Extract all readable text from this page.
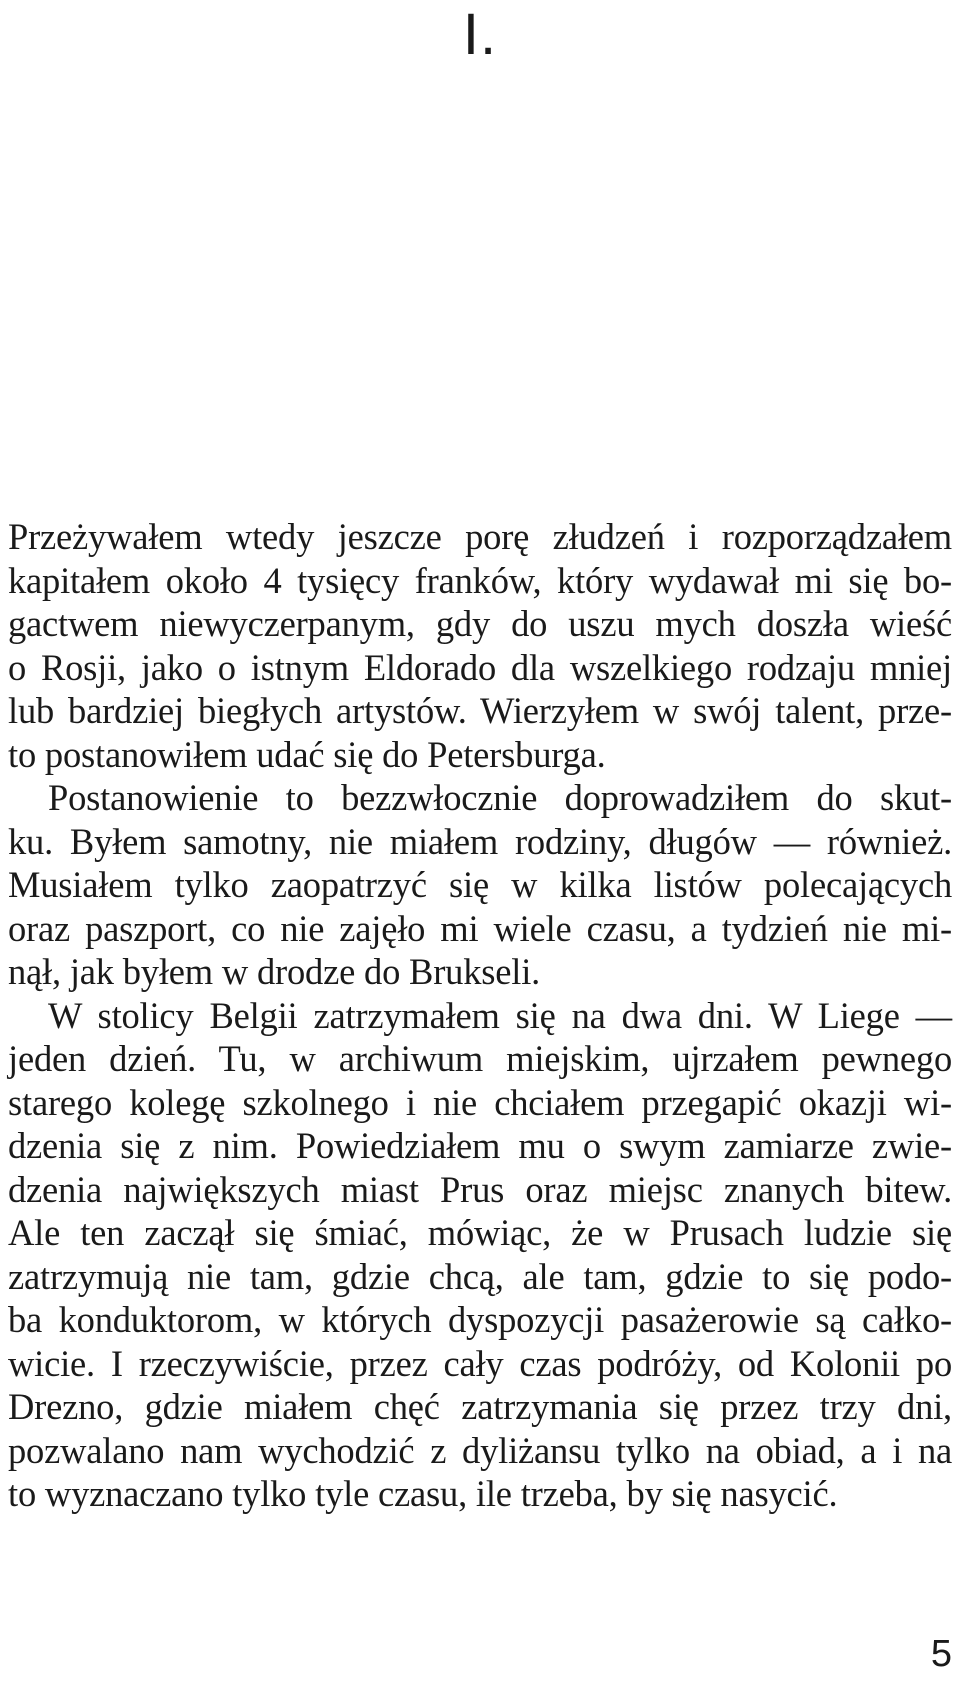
I.
Przeżywałem wtedy jeszcze porę złudzeń i rozporządzałem
kapitałem około 4 tysięcy franków, który wydawał mi się bo-
gactwem niewyczerpanym, gdy do uszu mych doszła wieść
o Rosji, jako o istnym Eldorado dla wszelkiego rodzaju mniej
lub bardziej biegłych artystów. Wierzyłem w swój talent, prze-
to postanowiłem udać się do Petersburga.
Postanowienie to bezzwłocznie doprowadziłem do skut-
ku. Byłem samotny, nie miałem rodziny, długów — również.
Musiałem tylko zaopatrzyć się w kilka listów polecających
oraz paszport, co nie zajęło mi wiele czasu, a tydzień nie mi-
nął, jak byłem w drodze do Brukseli.
W stolicy Belgii zatrzymałem się na dwa dni. W Liege —
jeden dzień. Tu, w archiwum miejskim, ujrzałem pewnego
starego kolegę szkolnego i nie chciałem przegapić okazji wi-
dzenia się z nim. Powiedziałem mu o swym zamiarze zwie-
dzenia największych miast Prus oraz miejsc znanych bitew.
Ale ten zaczął się śmiać, mówiąc, że w Prusach ludzie się
zatrzymują nie tam, gdzie chcą, ale tam, gdzie to się podo-
ba konduktorom, w których dyspozycji pasażerowie są całko-
wicie. I rzeczywiście, przez cały czas podróży, od Kolonii po
Drezno, gdzie miałem chęć zatrzymania się przez trzy dni,
pozwalano nam wychodzić z dyliżansu tylko na obiad, a i na
to wyznaczano tylko tyle czasu, ile trzeba, by się nasycić.
5
